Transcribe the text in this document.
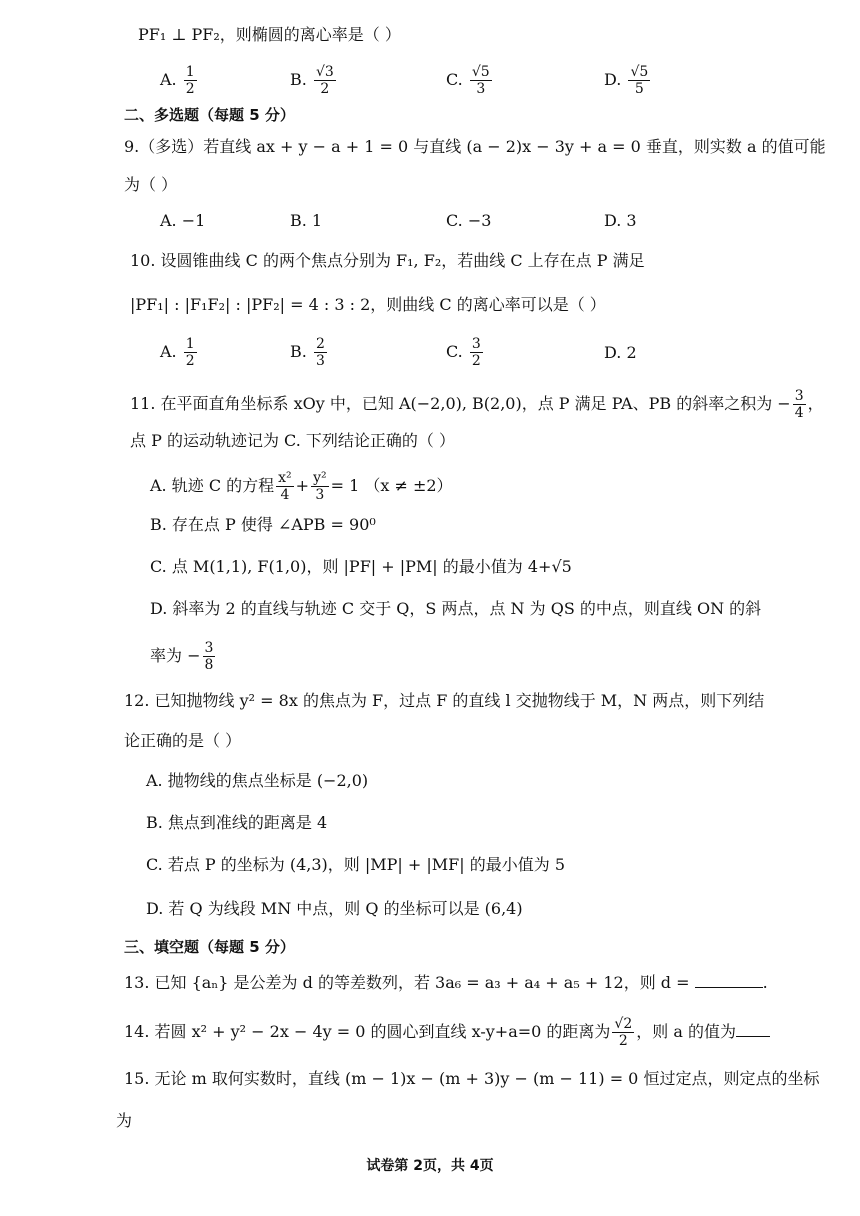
PF₁ ⊥ PF₂，则椭圆的离心率是（ ）
A. $\frac{1}{2}$	B. $\frac{√3}{2}$	C. $\frac{√5}{3}$	D. $\frac{√5}{5}$
二、多选题（每题 5 分）
9.（多选）若直线 ax + y − a + 1 = 0 与直线 (a − 2)x − 3y + a = 0 垂直，则实数 a 的值可能
为（ ）
A. −1	B. 1	C. −3	D. 3
10. 设圆锥曲线 C 的两个焦点分别为 F₁, F₂，若曲线 C 上存在点 P 满足
|PF₁| : |F₁F₂| : |PF₂| = 4 : 3 : 2，则曲线 C 的离心率可以是（ ）
A. $\frac{1}{2}$	B. $\frac{2}{3}$	C. $\frac{3}{2}$	D. 2
11. 在平面直角坐标系 xOy 中，已知 A(−2,0), B(2,0)，点 P 满足 PA、PB 的斜率之积为 − $\frac{3}{4}$ ，
点 P 的运动轨迹记为 C. 下列结论正确的（ ）
A. 轨迹 C 的方程 $\frac{\text{x²}}{4} + \frac{\text{y²}}{3} = 1$ （x ≠ ±2）
B. 存在点 P 使得 ∠APB = 90⁰
C. 点 M(1,1), F(1,0)，则 |PF| + |PM| 的最小值为 4+√5
D. 斜率为 2 的直线与轨迹 C 交于 Q，S 两点，点 N 为 QS 的中点，则直线 ON 的斜
率为 − $\frac{3}{8}$
12. 已知抛物线 y² = 8x 的焦点为 F，过点 F 的直线 l 交抛物线于 M，N 两点，则下列结
论正确的是（ ）
A. 抛物线的焦点坐标是 (−2,0)
B. 焦点到准线的距离是 4
C. 若点 P 的坐标为 (4,3)，则 |MP| + |MF| 的最小值为 5
D. 若 Q 为线段 MN 中点，则 Q 的坐标可以是 (6,4)
三、填空题（每题 5 分）
13. 已知 {aₙ} 是公差为 d 的等差数列，若 3a₆ = a₃ + a₄ + a₅ + 12，则 d =	.
14. 若圆 x² + y² − 2x − 4y = 0 的圆心到直线 x-y+a=0 的距离为 $\frac{√2}{2}$ ，则 a 的值为
15. 无论 m 取何实数时，直线 (m − 1)x − (m + 3)y − (m − 11) = 0 恒过定点，则定点的坐标
为
试卷第 2页，共 4页
